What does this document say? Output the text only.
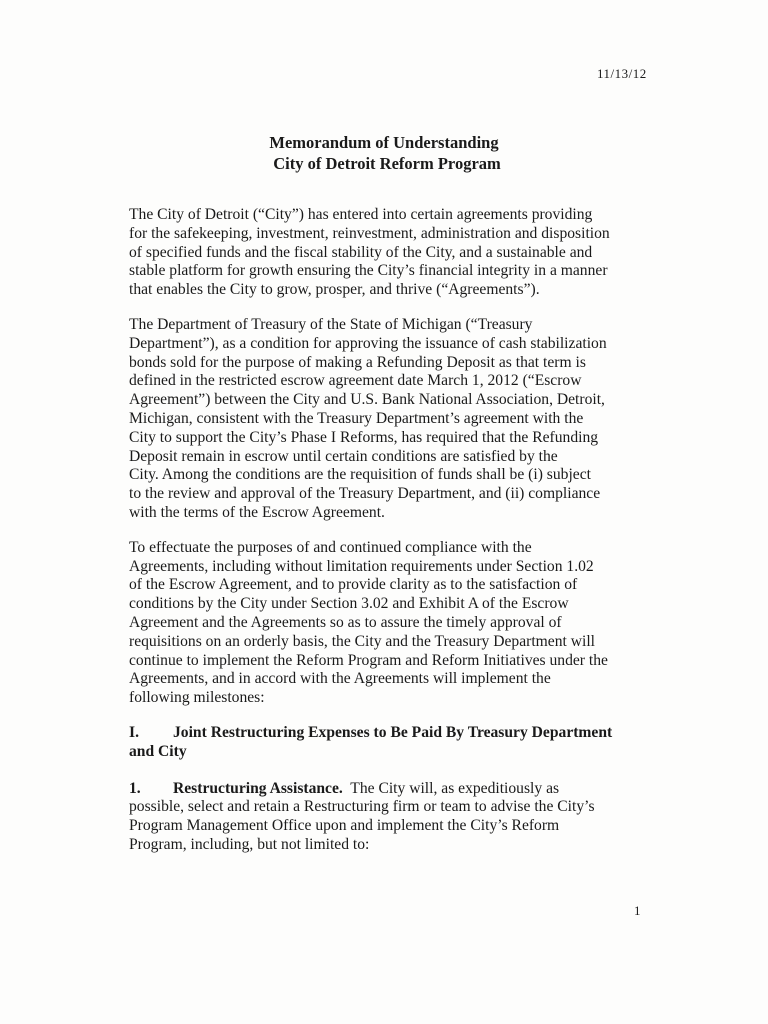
11/13/12
Memorandum of Understanding
City of Detroit Reform Program
The City of Detroit (“City”) has entered into certain agreements providing
for the safekeeping, investment, reinvestment, administration and disposition
of specified funds and the fiscal stability of the City, and a sustainable and
stable platform for growth ensuring the City’s financial integrity in a manner
that enables the City to grow, prosper, and thrive (“Agreements”).
The Department of Treasury of the State of Michigan (“Treasury
Department”), as a condition for approving the issuance of cash stabilization
bonds sold for the purpose of making a Refunding Deposit as that term is
defined in the restricted escrow agreement date March 1, 2012 (“Escrow
Agreement”) between the City and U.S. Bank National Association, Detroit,
Michigan, consistent with the Treasury Department’s agreement with the
City to support the City’s Phase I Reforms, has required that the Refunding
Deposit remain in escrow until certain conditions are satisfied by the
City. Among the conditions are the requisition of funds shall be (i) subject
to the review and approval of the Treasury Department, and (ii) compliance
with the terms of the Escrow Agreement.
To effectuate the purposes of and continued compliance with the
Agreements, including without limitation requirements under Section 1.02
of the Escrow Agreement, and to provide clarity as to the satisfaction of
conditions by the City under Section 3.02 and Exhibit A of the Escrow
Agreement and the Agreements so as to assure the timely approval of
requisitions on an orderly basis, the City and the Treasury Department will
continue to implement the Reform Program and Reform Initiatives under the
Agreements, and in accord with the Agreements will implement the
following milestones:
I. Joint Restructuring Expenses to Be Paid By Treasury Department
and City
1. Restructuring Assistance.  The City will, as expeditiously as
possible, select and retain a Restructuring firm or team to advise the City’s
Program Management Office upon and implement the City’s Reform
Program, including, but not limited to:
1
